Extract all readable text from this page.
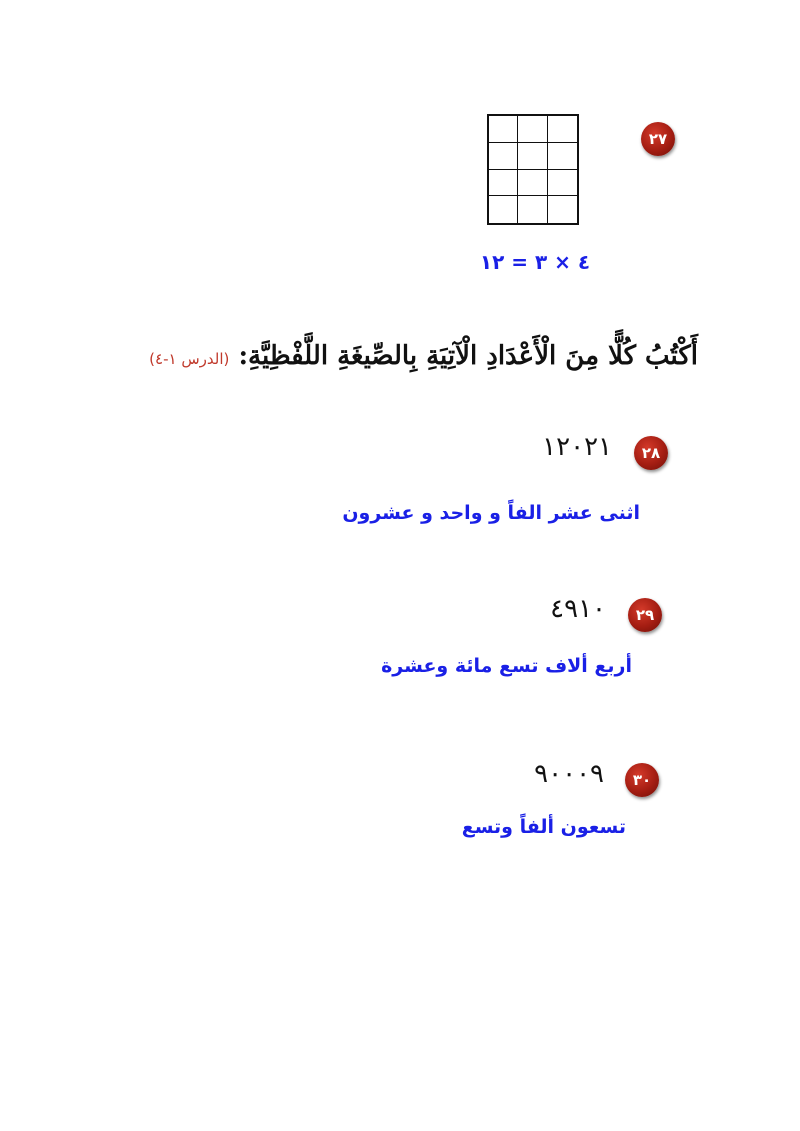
٢٧
٤ × ٣ = ١٢
أَكْتُبُ كُلًّا مِنَ الْأَعْدَادِ الْآتِيَةِ بِالصِّيغَةِ اللَّفْظِيَّةِ: (الدرس ١-٤)
٢٨
١٢٠٢١
اثنى عشر الفاً و واحد و عشرون
٢٩
٤٩١٠
أربع ألاف تسع مائة وعشرة
٣٠
٩٠٠٠٩
تسعون ألفاً وتسع
